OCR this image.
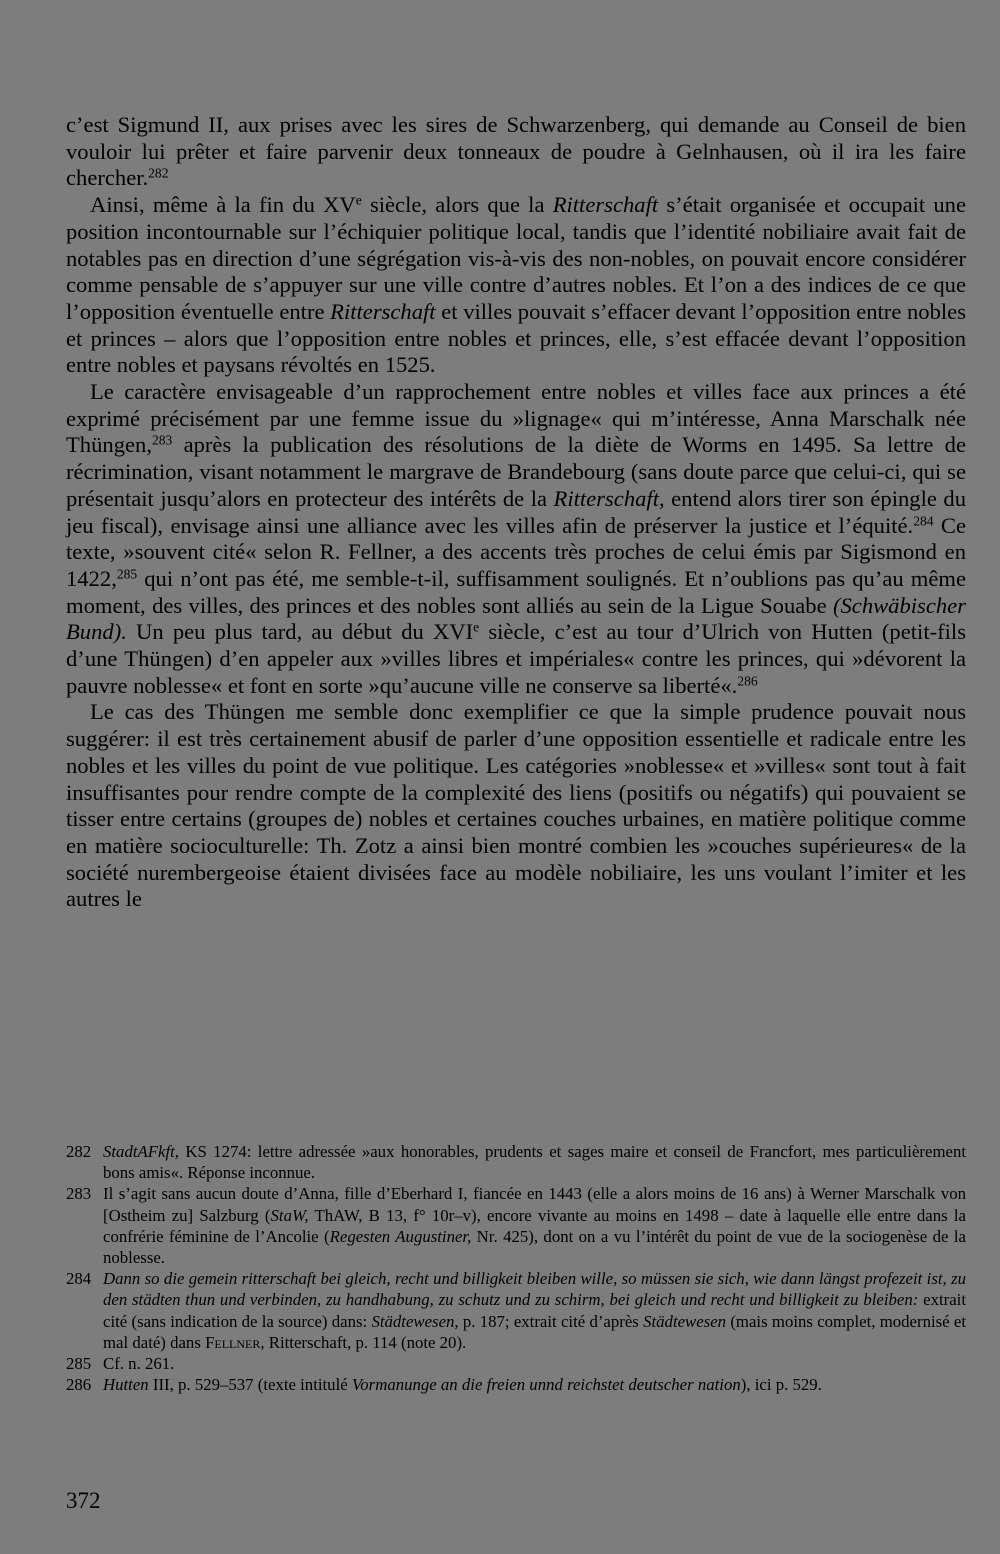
c’est Sigmund II, aux prises avec les sires de Schwarzenberg, qui demande au Conseil de bien vouloir lui prêter et faire parvenir deux tonneaux de poudre à Gelnhausen, où il ira les faire chercher.$^{282}$

Ainsi, même à la fin du XVe siècle, alors que la Ritterschaft s’était organisée et occupait une position incontournable sur l’échiquier politique local, tandis que l’identité nobiliaire avait fait de notables pas en direction d’une ségrégation vis-à-vis des non-nobles, on pouvait encore considérer comme pensable de s’appuyer sur une ville contre d’autres nobles. Et l’on a des indices de ce que l’opposition éventuelle entre Ritterschaft et villes pouvait s’effacer devant l’opposition entre nobles et princes – alors que l’opposition entre nobles et princes, elle, s’est effacée devant l’opposition entre nobles et paysans révoltés en 1525.

Le caractère envisageable d’un rapprochement entre nobles et villes face aux princes a été exprimé précisément par une femme issue du »lignage« qui m’intéresse, Anna Marschalk née Thüngen,$^{283}$ après la publication des résolutions de la diète de Worms en 1495. Sa lettre de récrimination, visant notamment le margrave de Brandebourg (sans doute parce que celui-ci, qui se présentait jusqu’alors en protecteur des intérêts de la Ritterschaft, entend alors tirer son épingle du jeu fiscal), envisage ainsi une alliance avec les villes afin de préserver la justice et l’équité.$^{284}$ Ce texte, »souvent cité« selon R. Fellner, a des accents très proches de celui émis par Sigismond en 1422,$^{285}$ qui n’ont pas été, me semble-t-il, suffisamment soulignés. Et n’oublions pas qu’au même moment, des villes, des princes et des nobles sont alliés au sein de la Ligue Souabe (Schwäbischer Bund). Un peu plus tard, au début du XVIe siècle, c’est au tour d’Ulrich von Hutten (petit-fils d’une Thüngen) d’en appeler aux »villes libres et impériales« contre les princes, qui »dévorent la pauvre noblesse« et font en sorte »qu’aucune ville ne conserve sa liberté«.$^{286}$

Le cas des Thüngen me semble donc exemplifier ce que la simple prudence pouvait nous suggérer: il est très certainement abusif de parler d’une opposition essentielle et radicale entre les nobles et les villes du point de vue politique. Les catégories »noblesse« et »villes« sont tout à fait insuffisantes pour rendre compte de la complexité des liens (positifs ou négatifs) qui pouvaient se tisser entre certains (groupes de) nobles et certaines couches urbaines, en matière politique comme en matière socioculturelle: Th. Zotz a ainsi bien montré combien les »couches supérieures« de la société nurembergeoise étaient divisées face au modèle nobiliaire, les uns voulant l’imiter et les autres le

282 StadtAFkft, KS 1274: lettre adressée »aux honorables, prudents et sages maire et conseil de Francfort, mes particulièrement bons amis«. Réponse inconnue.
283 Il s’agit sans aucun doute d’Anna, fille d’Eberhard I, fiancée en 1443 (elle a alors moins de 16 ans) à Werner Marschalk von [Ostheim zu] Salzburg (StaW, ThAW, B 13, f° 10r–v), encore vivante au moins en 1498 – date à laquelle elle entre dans la confrérie féminine de l’Ancolie (Regesten Augustiner, Nr. 425), dont on a vu l’intérêt du point de vue de la sociogenèse de la noblesse.
284 Dann so die gemein ritterschaft bei gleich, recht und billigkeit bleiben wille, so müssen sie sich, wie dann längst profezeit ist, zu den städten thun und verbinden, zu handhabung, zu schutz und zu schirm, bei gleich und recht und billigkeit zu bleiben: extrait cité (sans indication de la source) dans: Städtewesen, p. 187; extrait cité d’après Städtewesen (mais moins complet, modernisé et mal daté) dans Fellner, Ritterschaft, p. 114 (note 20).
285 Cf. n. 261.
286 Hutten III, p. 529–537 (texte intitulé Vormanunge an die freien unnd reichstet deutscher nation), ici p. 529.
372
